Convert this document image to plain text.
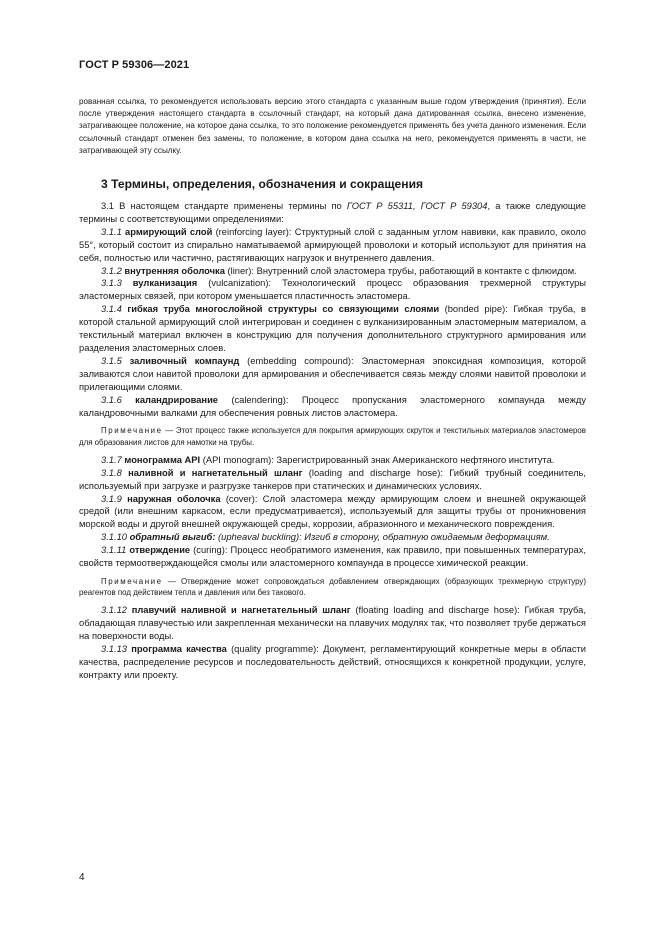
ГОСТ Р 59306—2021
рованная ссылка, то рекомендуется использовать версию этого стандарта с указанным выше годом утверждения (принятия). Если после утверждения настоящего стандарта в ссылочный стандарт, на который дана датированная ссылка, внесено изменение, затрагивающее положение, на которое дана ссылка, то это положение рекомендуется применять без учета данного изменения. Если ссылочный стандарт отменен без замены, то положение, в котором дана ссылка на него, рекомендуется применять в части, не затрагивающей эту ссылку.
3 Термины, определения, обозначения и сокращения

3.1 В настоящем стандарте применены термины по ГОСТ Р 55311, ГОСТ Р 59304, а также следующие термины с соответствующими определениями:

3.1.1 армирующий слой (reinforcing layer): Структурный слой с заданным углом навивки, как правило, около 55°, который состоит из спирально наматываемой армирующей проволоки и который используют для принятия на себя, полностью или частично, растягивающих нагрузок и внутреннего давления.

3.1.2 внутренняя оболочка (liner): Внутренний слой эластомера трубы, работающий в контакте с флюидом.

3.1.3 вулканизация (vulcanization): Технологический процесс образования трехмерной структуры эластомерных связей, при котором уменьшается пластичность эластомера.

3.1.4 гибкая труба многослойной структуры со связующими слоями (bonded pipe): Гибкая труба, в которой стальной армирующий слой интегрирован и соединен с вулканизированным эластомерным материалом, а текстильный материал включен в конструкцию для получения дополнительного структурного армирования или разделения эластомерных слоев.

3.1.5 заливочный компаунд (embedding compound): Эластомерная эпоксидная композиция, которой заливаются слои навитой проволоки для армирования и обеспечивается связь между слоями навитой проволоки и прилегающими слоями.

3.1.6 каландрирование (calendering): Процесс пропускания эластомерного компаунда между каландровочными валками для обеспечения ровных листов эластомера.

Примечание — Этот процесс также используется для покрытия армирующих скруток и текстильных материалов эластомеров для образования листов для намотки на трубы.

3.1.7 монограмма API (API monogram): Зарегистрированный знак Американского нефтяного института.

3.1.8 наливной и нагнетательный шланг (loading and discharge hose): Гибкий трубный соединитель, используемый при загрузке и разгрузке танкеров при статических и динамических условиях.

3.1.9 наружная оболочка (cover): Слой эластомера между армирующим слоем и внешней окружающей средой (или внешним каркасом, если предусматривается), используемый для защиты трубы от проникновения морской воды и другой внешней окружающей среды, коррозии, абразионного и механического повреждения.

3.1.10 обратный выгиб: (upheaval buckling): Изгиб в сторону, обратную ожидаемым деформациям.

3.1.11 отверждение (curing): Процесс необратимого изменения, как правило, при повышенных температурах, свойств термоотверждающейся смолы или эластомерного компаунда в процессе химической реакции.

Примечание — Отверждение может сопровождаться добавлением отверждающих (образующих трехмерную структуру) реагентов под действием тепла и давления или без такового.

3.1.12 плавучий наливной и нагнетательный шланг (floating loading and discharge hose): Гибкая труба, обладающая плавучестью или закрепленная механически на плавучих модулях так, что позволяет трубе держаться на поверхности воды.

3.1.13 программа качества (quality programme): Документ, регламентирующий конкретные меры в области качества, распределение ресурсов и последовательность действий, относящихся к конкретной продукции, услуге, контракту или проекту.

4
